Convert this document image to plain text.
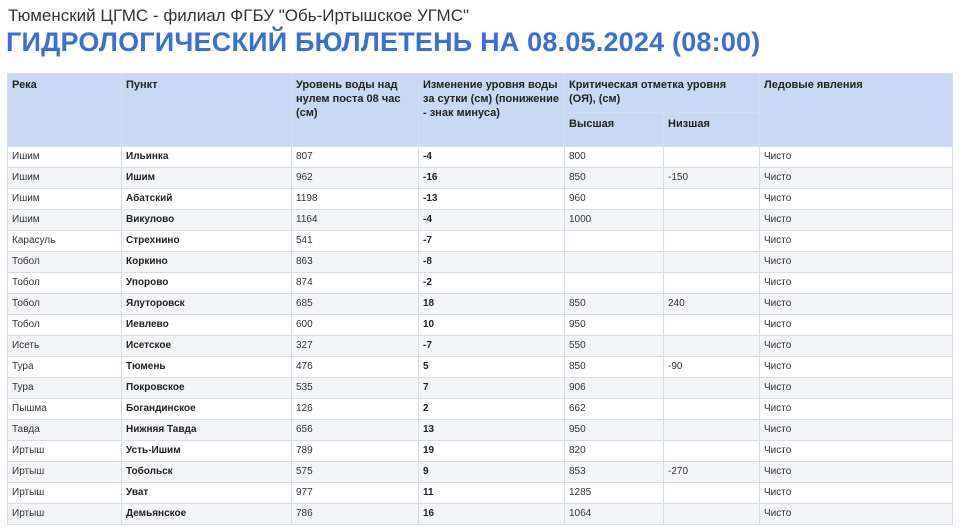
Тюменский ЦГМС - филиал ФГБУ "Обь-Иртышское УГМС"
ГИДРОЛОГИЧЕСКИЙ БЮЛЛЕТЕНЬ НА 08.05.2024 (08:00)
Река	Пункт	Уровень воды над нулем поста 08 час (см)	Изменение уровня воды за сутки (см) (понижение - знак минуса)	Критическая отметка уровня (ОЯ), (см)		Ледовые явления
				Высшая	Низшая	
Ишим	Ильинка	807	-4	800		Чисто
Ишим	Ишим	962	-16	850	-150	Чисто
Ишим	Абатский	1198	-13	960		Чисто
Ишим	Викулово	1164	-4	1000		Чисто
Карасуль	Стрехнино	541	-7			Чисто
Тобол	Коркино	863	-8			Чисто
Тобол	Упорово	874	-2			Чисто
Тобол	Ялуторовск	685	18	850	240	Чисто
Тобол	Иевлево	600	10	950		Чисто
Исеть	Исетское	327	-7	550		Чисто
Тура	Тюмень	476	5	850	-90	Чисто
Тура	Покровское	535	7	906		Чисто
Пышма	Богандинское	126	2	662		Чисто
Тавда	Нижняя Тавда	656	13	950		Чисто
Иртыш	Усть-Ишим	789	19	820		Чисто
Иртыш	Тобольск	575	9	853	-270	Чисто
Иртыш	Уват	977	11	1285		Чисто
Иртыш	Демьянское	786	16	1064		Чисто
